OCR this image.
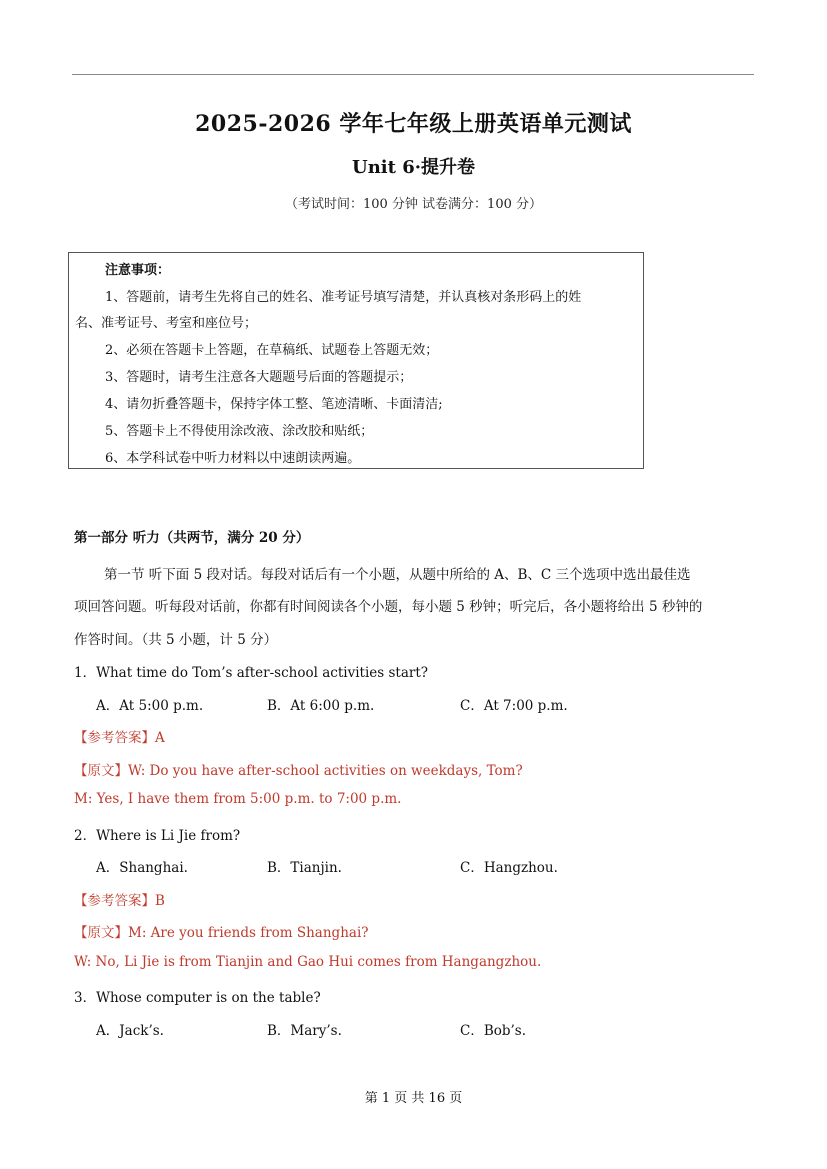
2025-2026 学年七年级上册英语单元测试
Unit 6·提升卷
（考试时间：100 分钟 试卷满分：100 分）
注意事项：
1、答题前，请考生先将自己的姓名、准考证号填写清楚，并认真核对条形码上的姓
名、准考证号、考室和座位号；
2、必须在答题卡上答题，在草稿纸、试题卷上答题无效；
3、答题时，请考生注意各大题题号后面的答题提示；
4、请勿折叠答题卡，保持字体工整、笔迹清晰、卡面清洁;
5、答题卡上不得使用涂改液、涂改胶和贴纸；
6、本学科试卷中听力材料以中速朗读两遍。
第一部分 听力（共两节，满分 20 分）
第一节 听下面 5 段对话。每段对话后有一个小题，从题中所给的 A、B、C 三个选项中选出最佳选
项回答问题。听每段对话前，你都有时间阅读各个小题，每小题 5 秒钟；听完后，各小题将给出 5 秒钟的
作答时间。（共 5 小题，计 5 分）
1．What time do Tom’s after-school activities start?
A．At 5:00 p.m.	B．At 6:00 p.m.	C．At 7:00 p.m.
【参考答案】A
【原文】W: Do you have after-school activities on weekdays, Tom?
M: Yes, I have them from 5:00 p.m. to 7:00 p.m.
2．Where is Li Jie from?
A．Shanghai.	B．Tianjin.	C．Hangzhou.
【参考答案】B
【原文】M: Are you friends from Shanghai?
W: No, Li Jie is from Tianjin and Gao Hui comes from Hangangzhou.
3．Whose computer is on the table?
A．Jack’s.	B．Mary’s.	C．Bob’s.
第 1 页 共 16 页
